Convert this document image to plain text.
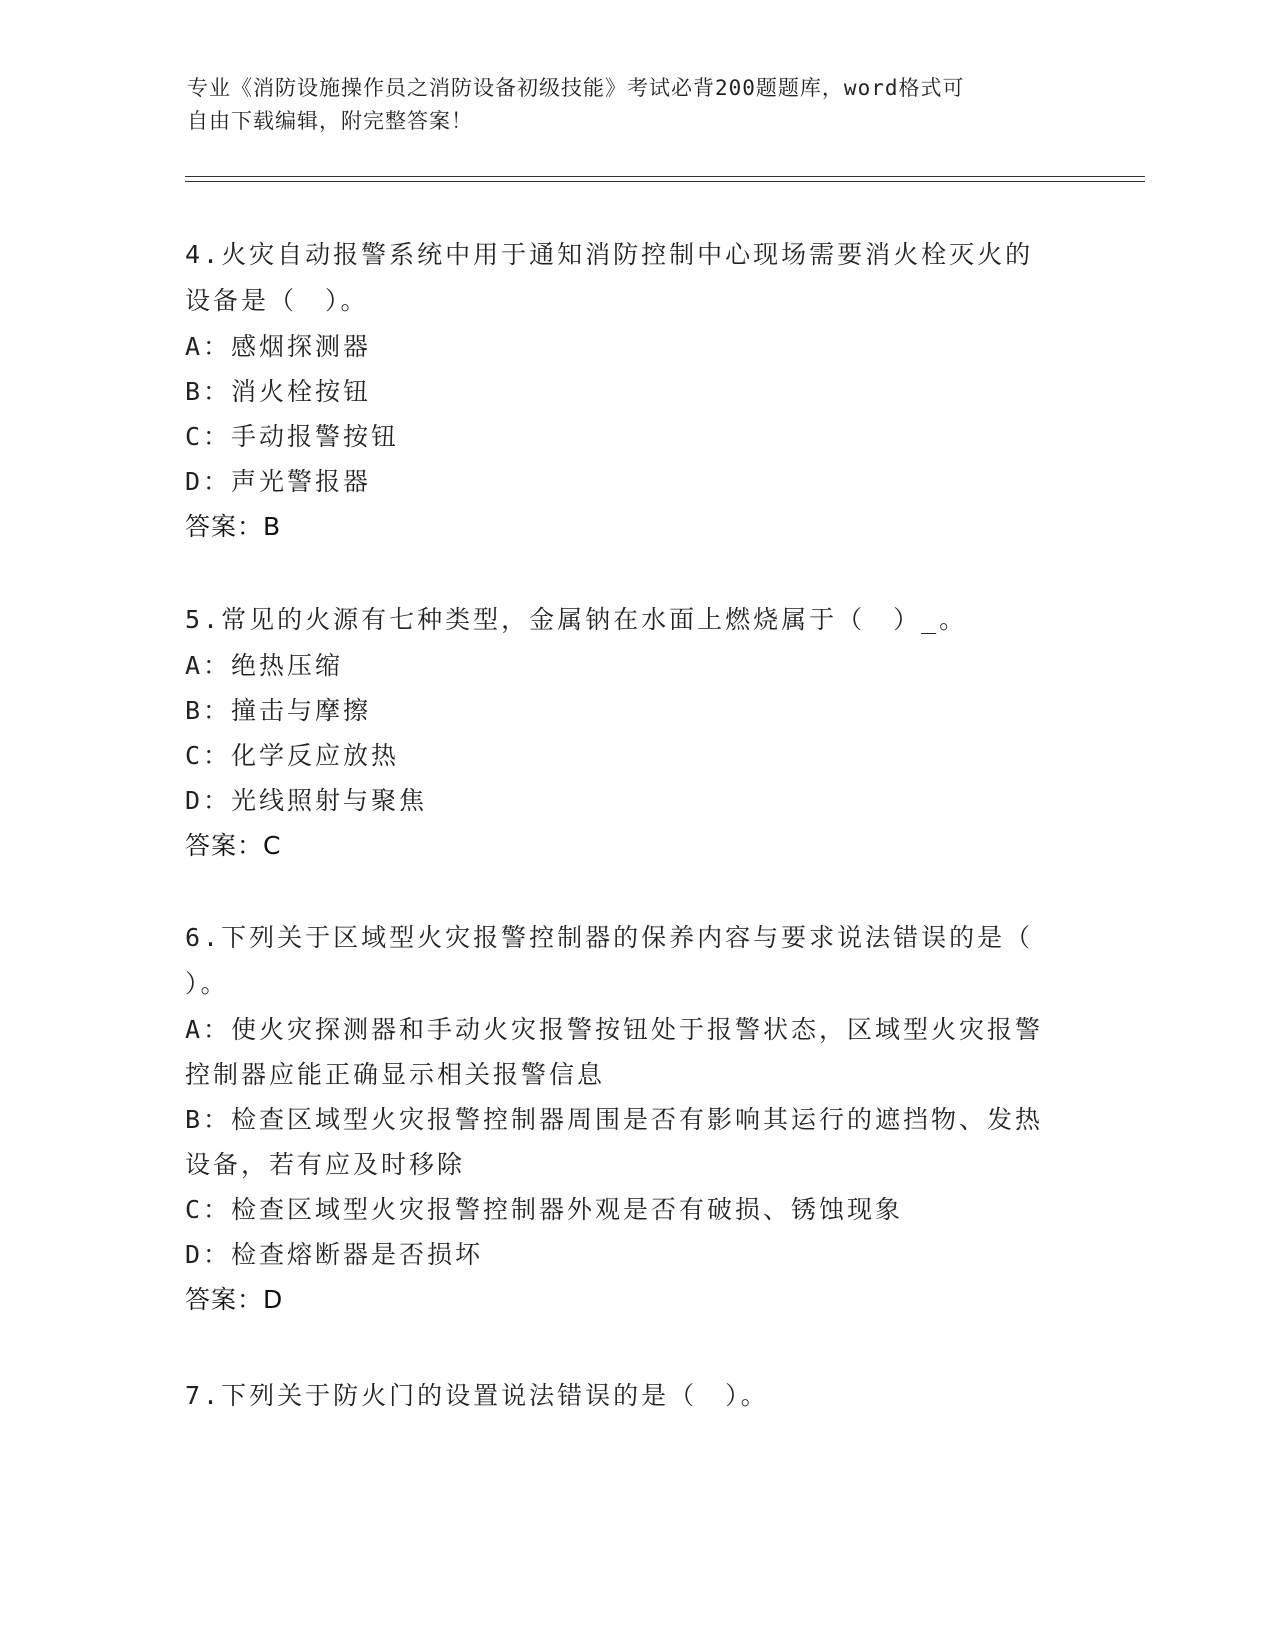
专业《消防设施操作员之消防设备初级技能》考试必背200题题库，word格式可
自由下载编辑，附完整答案！
4.火灾自动报警系统中用于通知消防控制中心现场需要消火栓灭火的
设备是（　）。
A：感烟探测器
B：消火栓按钮
C：手动报警按钮
D：声光警报器
答案：B
5.常见的火源有七种类型，金属钠在水面上燃烧属于（　）_。
A：绝热压缩
B：撞击与摩擦
C：化学反应放热
D：光线照射与聚焦
答案：C
6.下列关于区域型火灾报警控制器的保养内容与要求说法错误的是（
）。
A：使火灾探测器和手动火灾报警按钮处于报警状态，区域型火灾报警
控制器应能正确显示相关报警信息
B：检查区域型火灾报警控制器周围是否有影响其运行的遮挡物、发热
设备，若有应及时移除
C：检查区域型火灾报警控制器外观是否有破损、锈蚀现象
D：检查熔断器是否损坏
答案：D
7.下列关于防火门的设置说法错误的是（　）。
